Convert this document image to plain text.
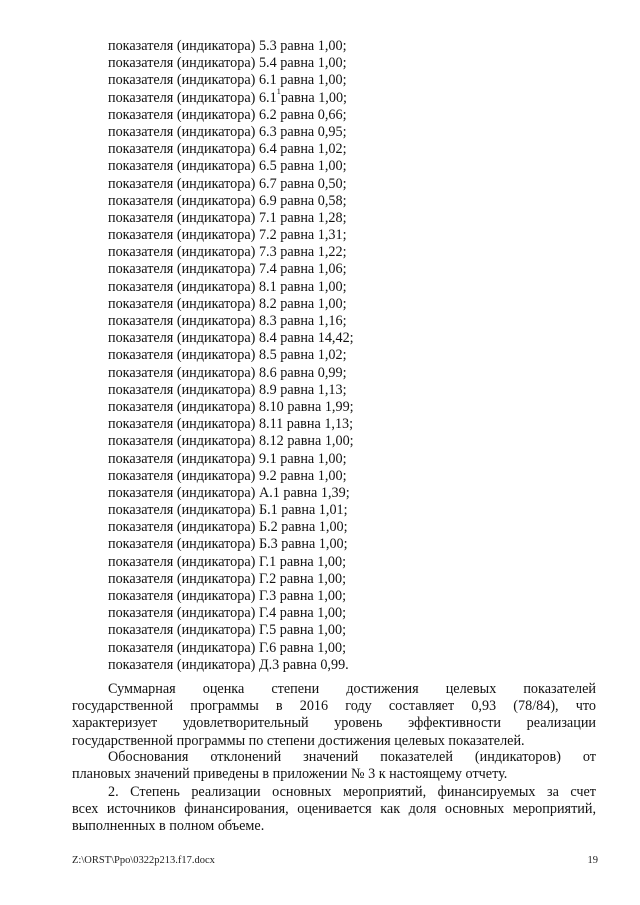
показателя (индикатора) 5.3 равна 1,00;
показателя (индикатора) 5.4 равна 1,00;
показателя (индикатора) 6.1 равна 1,00;
показателя (индикатора) $6.1^1равна$ 1,00;
показателя (индикатора) 6.2 равна 0,66;
показателя (индикатора) 6.3 равна 0,95;
показателя (индикатора) 6.4 равна 1,02;
показателя (индикатора) 6.5 равна 1,00;
показателя (индикатора) 6.7 равна 0,50;
показателя (индикатора) 6.9 равна 0,58;
показателя (индикатора) 7.1 равна 1,28;
показателя (индикатора) 7.2 равна 1,31;
показателя (индикатора) 7.3 равна 1,22;
показателя (индикатора) 7.4 равна 1,06;
показателя (индикатора) 8.1 равна 1,00;
показателя (индикатора) 8.2 равна 1,00;
показателя (индикатора) 8.3 равна 1,16;
показателя (индикатора) 8.4 равна 14,42;
показателя (индикатора) 8.5 равна 1,02;
показателя (индикатора) 8.6 равна 0,99;
показателя (индикатора) 8.9 равна 1,13;
показателя (индикатора) 8.10 равна 1,99;
показателя (индикатора) 8.11 равна 1,13;
показателя (индикатора) 8.12 равна 1,00;
показателя (индикатора) 9.1 равна 1,00;
показателя (индикатора) 9.2 равна 1,00;
показателя (индикатора) А.1 равна 1,39;
показателя (индикатора) Б.1 равна 1,01;
показателя (индикатора) Б.2 равна 1,00;
показателя (индикатора) Б.3 равна 1,00;
показателя (индикатора) Г.1 равна 1,00;
показателя (индикатора) Г.2 равна 1,00;
показателя (индикатора) Г.3 равна 1,00;
показателя (индикатора) Г.4 равна 1,00;
показателя (индикатора) Г.5 равна 1,00;
показателя (индикатора) Г.6 равна 1,00;
показателя (индикатора) Д.3 равна 0,99.
Суммарная оценка степени достижения целевых показателей
государственной программы в 2016 году составляет 0,93 (78/84), что
характеризует удовлетворительный уровень эффективности реализации
государственной программы по степени достижения целевых показателей.
Обоснования отклонений значений показателей (индикаторов) от
плановых значений приведены в приложении № 3 к настоящему отчету.
2. Степень реализации основных мероприятий, финансируемых за счет
всех источников финансирования, оценивается как доля основных мероприятий,
выполненных в полном объеме.
Z:\ORST\Ppo\0322p213.f17.docx	19
